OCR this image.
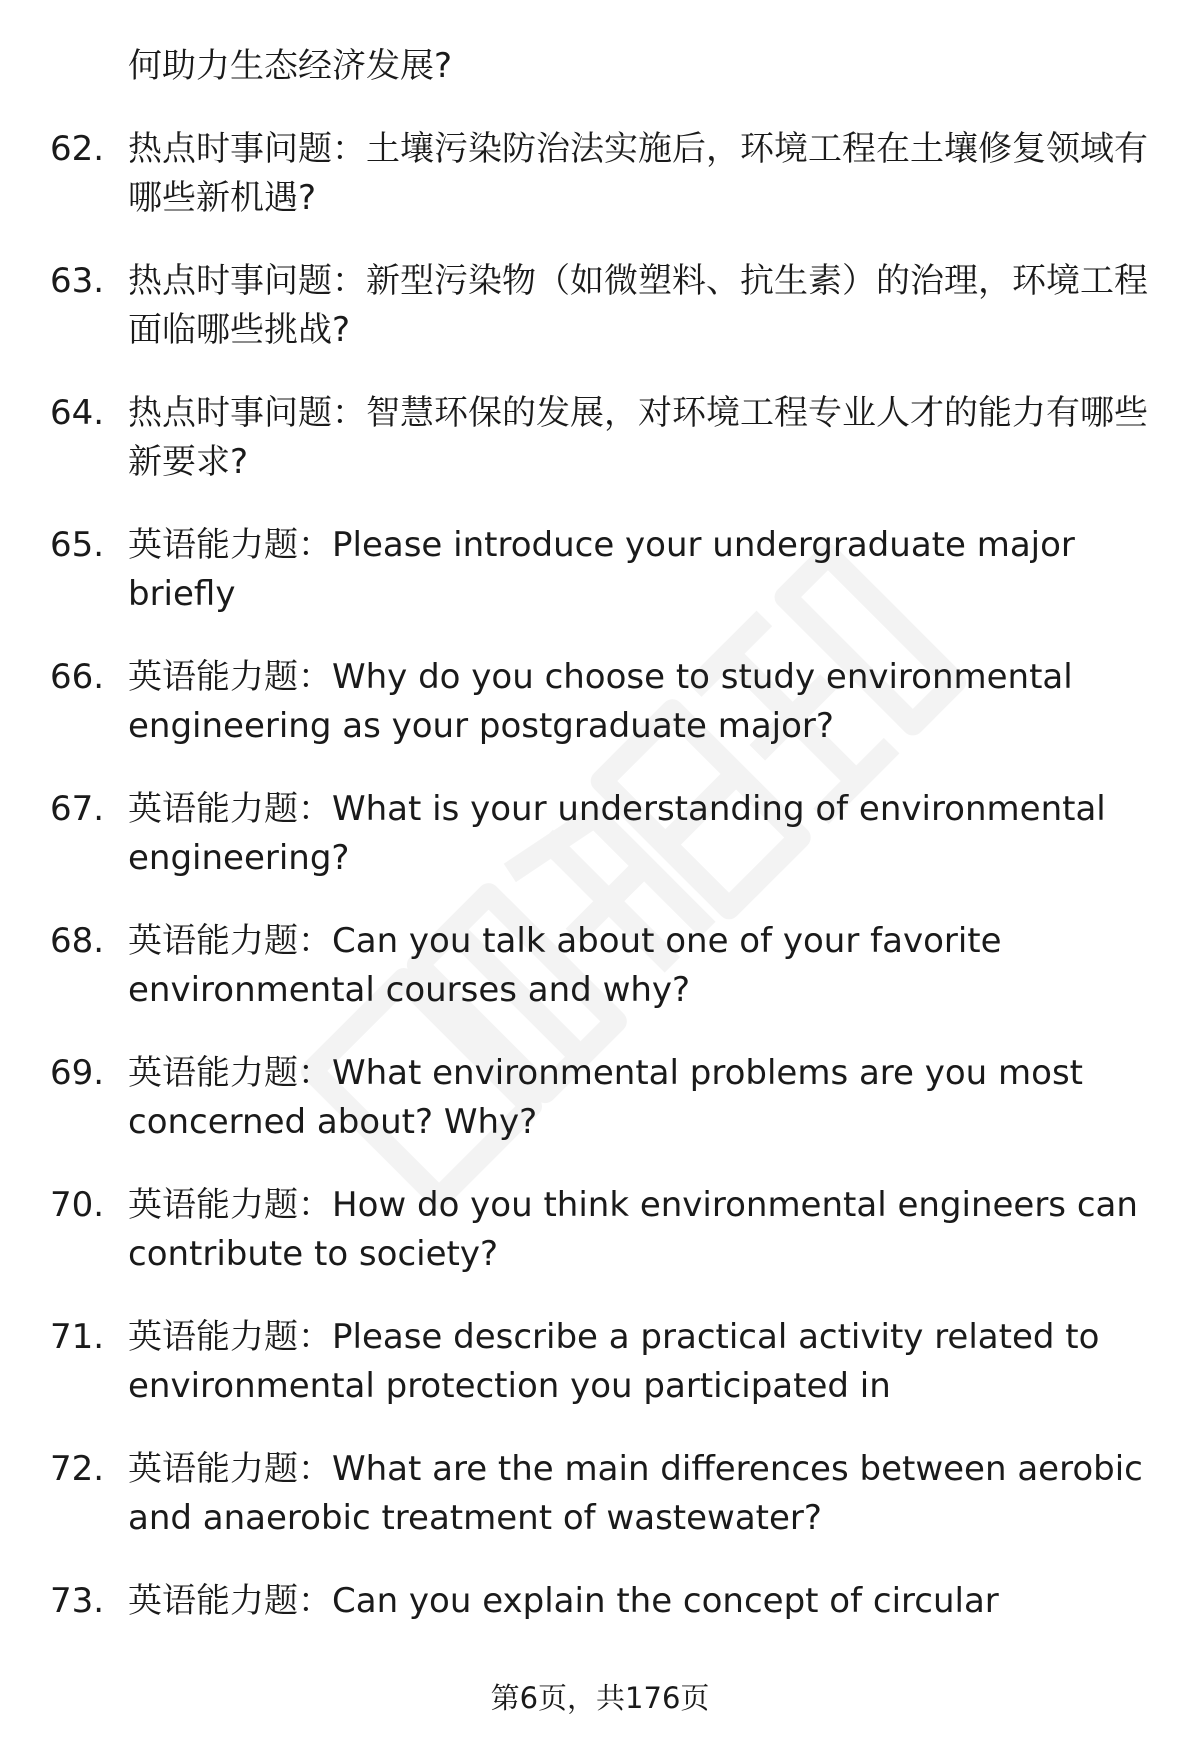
何助力生态经济发展?
62. 热点时事问题：土壤污染防治法实施后，环境工程在土壤修复领域有哪些新机遇?
63. 热点时事问题：新型污染物（如微塑料、抗生素）的治理，环境工程面临哪些挑战?
64. 热点时事问题：智慧环保的发展，对环境工程专业人才的能力有哪些新要求?
65. 英语能力题：Please introduce your undergraduate major briefly
66. 英语能力题：Why do you choose to study environmental engineering as your postgraduate major?
67. 英语能力题：What is your understanding of environmental engineering?
68. 英语能力题：Can you talk about one of your favorite environmental courses and why?
69. 英语能力题：What environmental problems are you most concerned about? Why?
70. 英语能力题：How do you think environmental engineers can contribute to society?
71. 英语能力题：Please describe a practical activity related to environmental protection you participated in
72. 英语能力题：What are the main differences between aerobic and anaerobic treatment of wastewater?
73. 英语能力题：Can you explain the concept of circular
第6页，共176页
